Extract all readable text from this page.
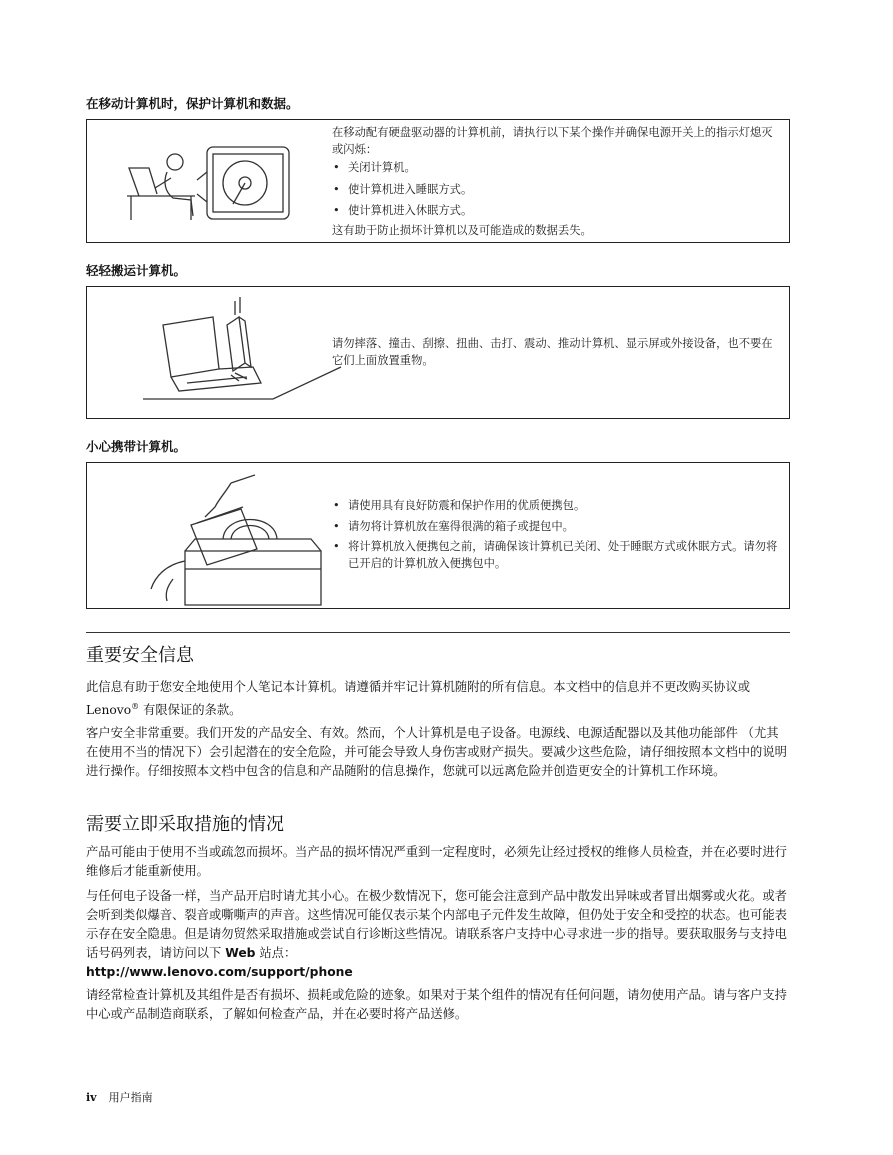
在移动计算机时，保护计算机和数据。

在移动配有硬盘驱动器的计算机前，请执行以下某个操作并确保电源开关上的指示灯熄灭或闪烁：

• 关闭计算机。
• 使计算机进入睡眠方式。
• 使计算机进入休眠方式。

这有助于防止损坏计算机以及可能造成的数据丢失。

轻轻搬运计算机。
请勿摔落、撞击、刮擦、扭曲、击打、震动、推动计算机、显示屏或外接设备，也不要在它们上面放置重物。
小心携带计算机。
• 请使用具有良好防震和保护作用的优质便携包。
• 请勿将计算机放在塞得很满的箱子或提包中。
• 将计算机放入便携包之前，请确保该计算机已关闭、处于睡眠方式或休眠方式。请勿将已开启的计算机放入便携包中。
重要安全信息
此信息有助于您安全地使用个人笔记本计算机。请遵循并牢记计算机随附的所有信息。本文档中的信息并不更改购买协议或 Lenovo® 有限保证的条款。
客户安全非常重要。我们开发的产品安全、有效。然而，个人计算机是电子设备。电源线、电源适配器以及其他功能部件 （尤其在使用不当的情况下）会引起潜在的安全危险，并可能会导致人身伤害或财产损失。要减少这些危险，请仔细按照本文档中的说明进行操作。仔细按照本文档中包含的信息和产品随附的信息操作，您就可以远离危险并创造更安全的计算机工作环境。
需要立即采取措施的情况
产品可能由于使用不当或疏忽而损坏。当产品的损坏情况严重到一定程度时，必须先让经过授权的维修人员检查，并在必要时进行维修后才能重新使用。
与任何电子设备一样，当产品开启时请尤其小心。在极少数情况下，您可能会注意到产品中散发出异味或者冒出烟雾或火花。或者会听到类似爆音、裂音或嘶嘶声的声音。这些情况可能仅表示某个内部电子元件发生故障，但仍处于安全和受控的状态。也可能表示存在安全隐患。但是请勿贸然采取措施或尝试自行诊断这些情况。请联系客户支持中心寻求进一步的指导。要获取服务与支持电话号码列表，请访问以下 Web 站点：
http://www.lenovo.com/support/phone
请经常检查计算机及其组件是否有损坏、损耗或危险的迹象。如果对于某个组件的情况有任何问题，请勿使用产品。请与客户支持中心或产品制造商联系，了解如何检查产品，并在必要时将产品送修。
iv 用户指南
